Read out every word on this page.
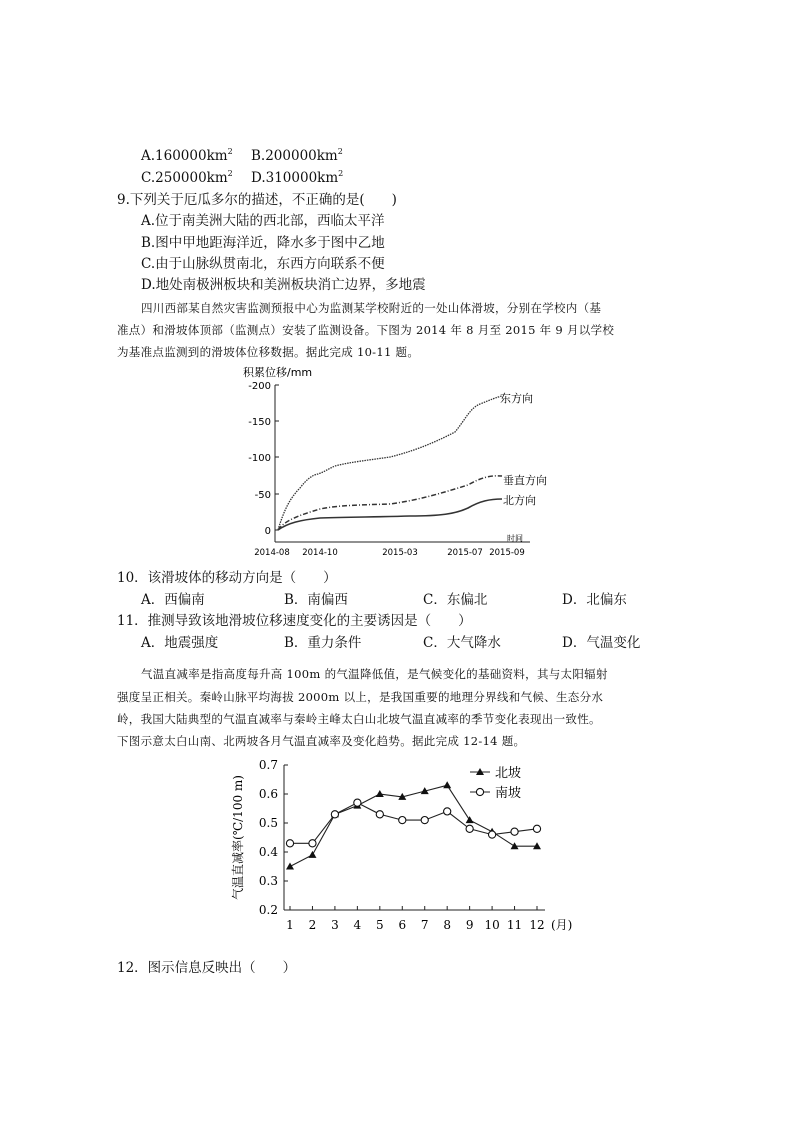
$A.160000km^2$ $B.200000km^2$
$C.250000km^2$ $D.310000km^2$
9.下列关于厄瓜多尔的描述，不正确的是(　　)
A.位于南美洲大陆的西北部，西临太平洋
B.图中甲地距海洋近，降水多于图中乙地
C.由于山脉纵贯南北，东西方向联系不便
D.地处南极洲板块和美洲板块消亡边界，多地震
四川西部某自然灾害监测预报中心为监测某学校附近的一处山体滑坡，分别在学校内（基
准点）和滑坡体顶部（监测点）安装了监测设备。下图为 2014 年 8 月至 2015 年 9 月以学校
为基准点监测到的滑坡体位移数据。据此完成 10-11 题。
积累位移/mm
-200
-150
-100
-50
0
2014-08 2014-10	2015-03	2015-07 2015-09
时间
东方向
垂直方向
北方向
10．该滑坡体的移动方向是（　　）
A．西偏南	B．南偏西	C．东偏北	D．北偏东
11．推测导致该地滑坡位移速度变化的主要诱因是（　　）
A．地震强度	B．重力条件	C．大气降水	D．气温变化
气温直减率是指高度每升高 100m 的气温降低值，是气候变化的基础资料，其与太阳辐射
强度呈正相关。秦岭山脉平均海拔 2000m 以上，是我国重要的地理分界线和气候、生态分水
岭，我国大陆典型的气温直减率与秦岭主峰太白山北坡气温直减率的季节变化表现出一致性。
下图示意太白山南、北两坡各月气温直减率及变化趋势。据此完成 12-14 题。
0.2
0.3
0.4
0.5
0.6
0.7
1 2 3 4 5 6 7 8 9 10 11 12 (月)
气温直减率(℃/100 m)
北坡
南坡
12．图示信息反映出（　　）
